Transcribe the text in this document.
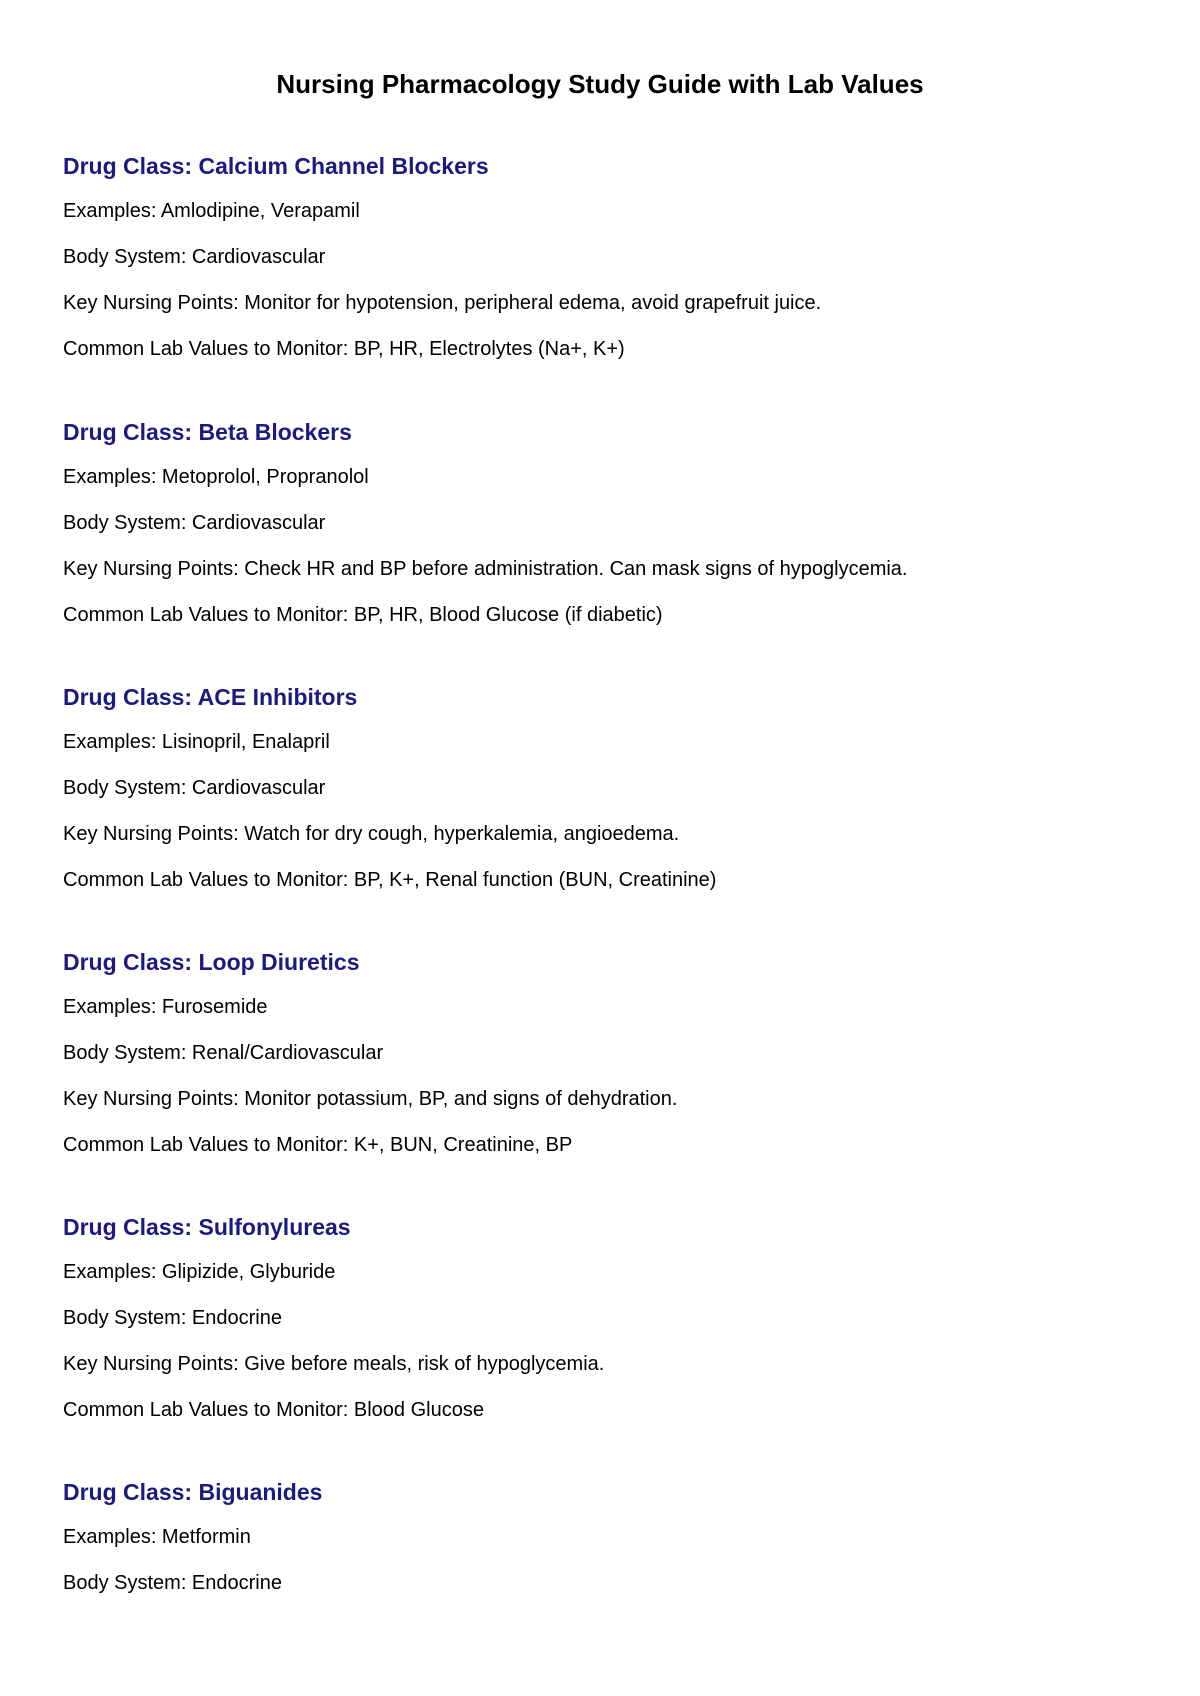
Nursing Pharmacology Study Guide with Lab Values
Drug Class: Calcium Channel Blockers

Examples: Amlodipine, Verapamil

Body System: Cardiovascular

Key Nursing Points: Monitor for hypotension, peripheral edema, avoid grapefruit juice.

Common Lab Values to Monitor: BP, HR, Electrolytes (Na+, K+)

Drug Class: Beta Blockers

Examples: Metoprolol, Propranolol

Body System: Cardiovascular

Key Nursing Points: Check HR and BP before administration. Can mask signs of hypoglycemia.

Common Lab Values to Monitor: BP, HR, Blood Glucose (if diabetic)

Drug Class: ACE Inhibitors

Examples: Lisinopril, Enalapril

Body System: Cardiovascular

Key Nursing Points: Watch for dry cough, hyperkalemia, angioedema.

Common Lab Values to Monitor: BP, K+, Renal function (BUN, Creatinine)

Drug Class: Loop Diuretics

Examples: Furosemide

Body System: Renal/Cardiovascular

Key Nursing Points: Monitor potassium, BP, and signs of dehydration.

Common Lab Values to Monitor: K+, BUN, Creatinine, BP

Drug Class: Sulfonylureas

Examples: Glipizide, Glyburide

Body System: Endocrine

Key Nursing Points: Give before meals, risk of hypoglycemia.

Common Lab Values to Monitor: Blood Glucose

Drug Class: Biguanides

Examples: Metformin

Body System: Endocrine
